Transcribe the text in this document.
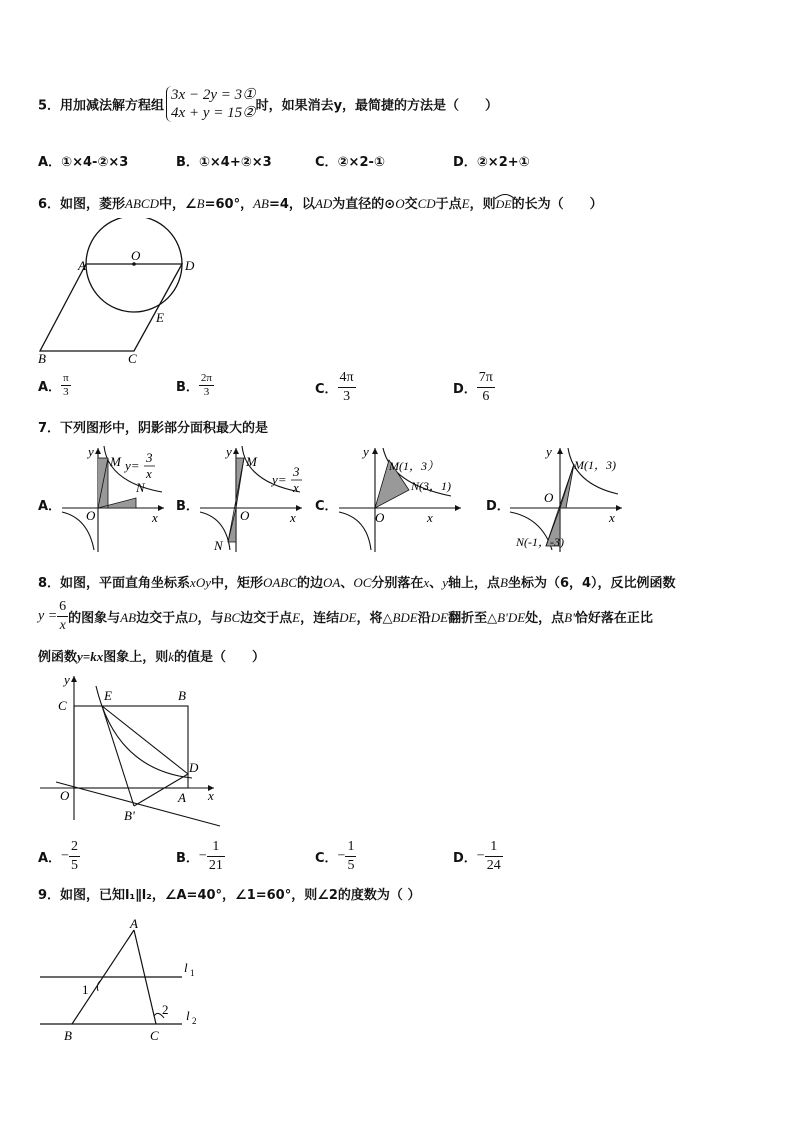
5．用加减法解方程组
3x − 2y = 3①
4x + y = 15② 时，如果消去y，最简捷的方法是（　　）
A．①×4-②×3	B．①×4+②×3	C．②×2-①	D．②×2+①
6．如图，菱形ABCD中，∠B=60°，AB=4，以AD为直径的⊙O交CD于点E，则DE
的长为（　　）
A
O
D
E
B	C
A． $\frac{\pi}{3}$	B． $\frac{2\pi}{3}$	C． $\frac{4\pi}{3}$	D． $\frac{7\pi}{6}$
7．下列图形中，阴影部分面积最大的是
A．
y
x
O
M
N
y=
3
x
B．
y
x
O
M
N
y=
3
x
C．
y
x
O
M(1，3）
N(3，1)
D．
y
x
O
M(1，3)
N(-1，-3)
8．如图，平面直角坐标系xOy中，矩形OABC的边OA、OC分别落在x、y轴上，点B坐标为（6，4），反比例函数
$y = \frac{6}{x}$ 的图象与AB边交于点D，与BC边交于点E，连结DE，将△BDE沿DE翻折至△B'DE处，点B'恰好落在正比
例函数y=kx图象上，则k的值是（　　）
y
C
E	B
D
O	A x
B'
A．− $\frac{2}{5}$	B．− $\frac{1}{21}$	C．− $\frac{1}{5}$	D．− $\frac{1}{24}$
9．如图，已知l₁∥l₂，∠A=40°，∠1=60°，则∠2的度数为（ ）
A
1
2
B	C
l 1
l 2
